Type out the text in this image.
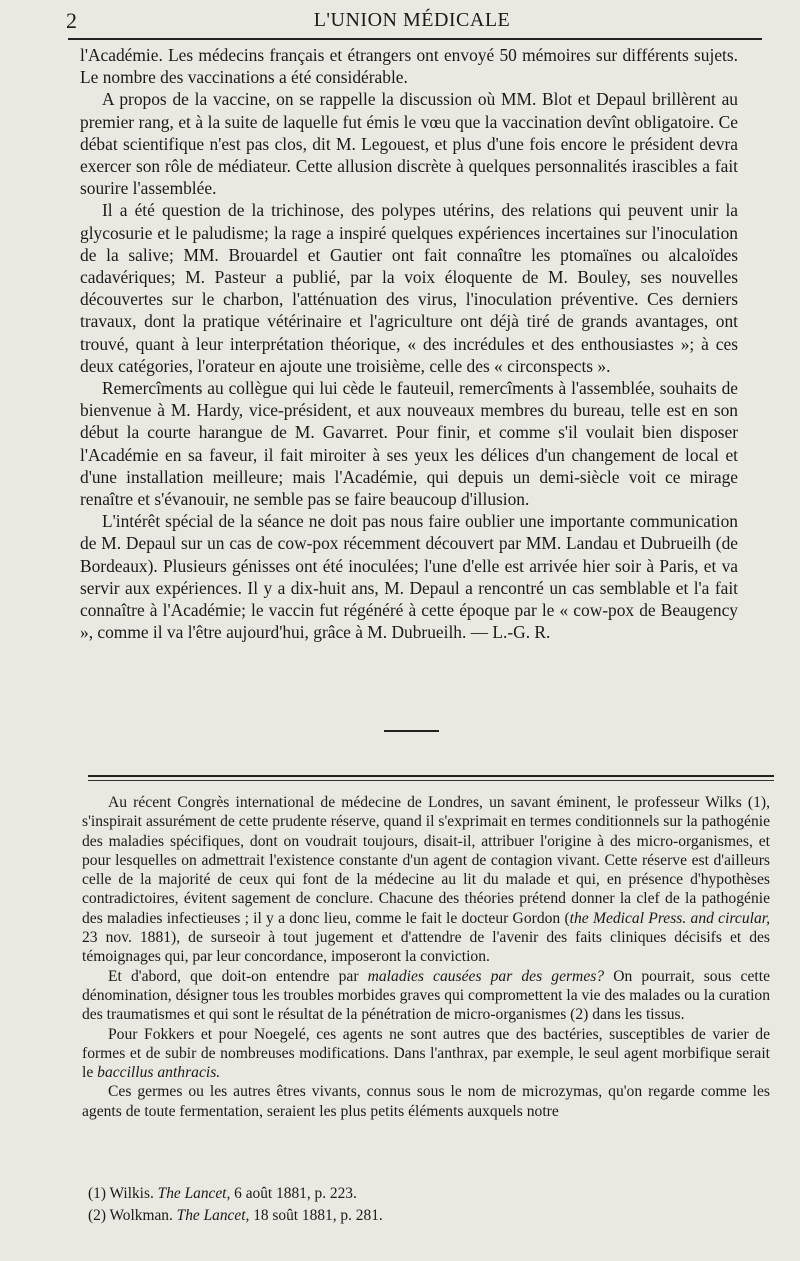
2	L'UNION MÉDICALE

l'Académie. Les médecins français et étrangers ont envoyé 50 mémoires sur différents sujets. Le nombre des vaccinations a été considérable.

A propos de la vaccine, on se rappelle la discussion où MM. Blot et Depaul brillèrent au premier rang, et à la suite de laquelle fut émis le vœu que la vaccination devînt obligatoire. Ce débat scientifique n'est pas clos, dit M. Legouest, et plus d'une fois encore le président devra exercer son rôle de médiateur. Cette allusion discrète à quelques personnalités irascibles a fait sourire l'assemblée.

Il a été question de la trichinose, des polypes utérins, des relations qui peuvent unir la glycosurie et le paludisme; la rage a inspiré quelques expériences incertaines sur l'inoculation de la salive; MM. Brouardel et Gautier ont fait connaître les ptomaïnes ou alcaloïdes cadavériques; M. Pasteur a publié, par la voix éloquente de M. Bouley, ses nouvelles découvertes sur le charbon, l'atténuation des virus, l'inoculation préventive. Ces derniers travaux, dont la pratique vétérinaire et l'agriculture ont déjà tiré de grands avantages, ont trouvé, quant à leur interprétation théorique, « des incrédules et des enthousiastes »; à ces deux catégories, l'orateur en ajoute une troisième, celle des « circonspects ».

Remercîments au collègue qui lui cède le fauteuil, remercîments à l'assemblée, souhaits de bienvenue à M. Hardy, vice-président, et aux nouveaux membres du bureau, telle est en son début la courte harangue de M. Gavarret. Pour finir, et comme s'il voulait bien disposer l'Académie en sa faveur, il fait miroiter à ses yeux les délices d'un changement de local et d'une installation meilleure; mais l'Académie, qui depuis un demi-siècle voit ce mirage renaître et s'évanouir, ne semble pas se faire beaucoup d'illusion.

L'intérêt spécial de la séance ne doit pas nous faire oublier une importante communication de M. Depaul sur un cas de cow-pox récemment découvert par MM. Landau et Dubrueilh (de Bordeaux). Plusieurs génisses ont été inoculées; l'une d'elle est arrivée hier soir à Paris, et va servir aux expériences. Il y a dix-huit ans, M. Depaul a rencontré un cas semblable et l'a fait connaître à l'Académie; le vaccin fut régénéré à cette époque par le « cow-pox de Beaugency », comme il va l'être aujourd'hui, grâce à M. Dubrueilh. — L.-G. R.

Au récent Congrès international de médecine de Londres, un savant éminent, le professeur Wilks (1), s'inspirait assurément de cette prudente réserve, quand il s'exprimait en termes conditionnels sur la pathogénie des maladies spécifiques, dont on voudrait toujours, disait-il, attribuer l'origine à des micro-organismes, et pour lesquelles on admettrait l'existence constante d'un agent de contagion vivant. Cette réserve est d'ailleurs celle de la majorité de ceux qui font de la médecine au lit du malade et qui, en présence d'hypothèses contradictoires, évitent sagement de conclure. Chacune des théories prétend donner la clef de la pathogénie des maladies infectieuses ; il y a donc lieu, comme le fait le docteur Gordon (the Medical Press. and circular, 23 nov. 1881), de surseoir à tout jugement et d'attendre de l'avenir des faits cliniques décisifs et des témoignages qui, par leur concordance, imposeront la conviction.

Et d'abord, que doit-on entendre par maladies causées par des germes? On pourrait, sous cette dénomination, désigner tous les troubles morbides graves qui compromettent la vie des malades ou la curation des traumatismes et qui sont le résultat de la pénétration de micro-organismes (2) dans les tissus.

Pour Fokkers et pour Noegelé, ces agents ne sont autres que des bactéries, susceptibles de varier de formes et de subir de nombreuses modifications. Dans l'anthrax, par exemple, le seul agent morbifique serait le baccillus anthracis.

Ces germes ou les autres êtres vivants, connus sous le nom de microzymas, qu'on regarde comme les agents de toute fermentation, seraient les plus petits éléments auxquels notre

(1) Wilkis. The Lancet, 6 août 1881, p. 223.

(2) Wolkman. The Lancet, 18 soût 1881, p. 281.
